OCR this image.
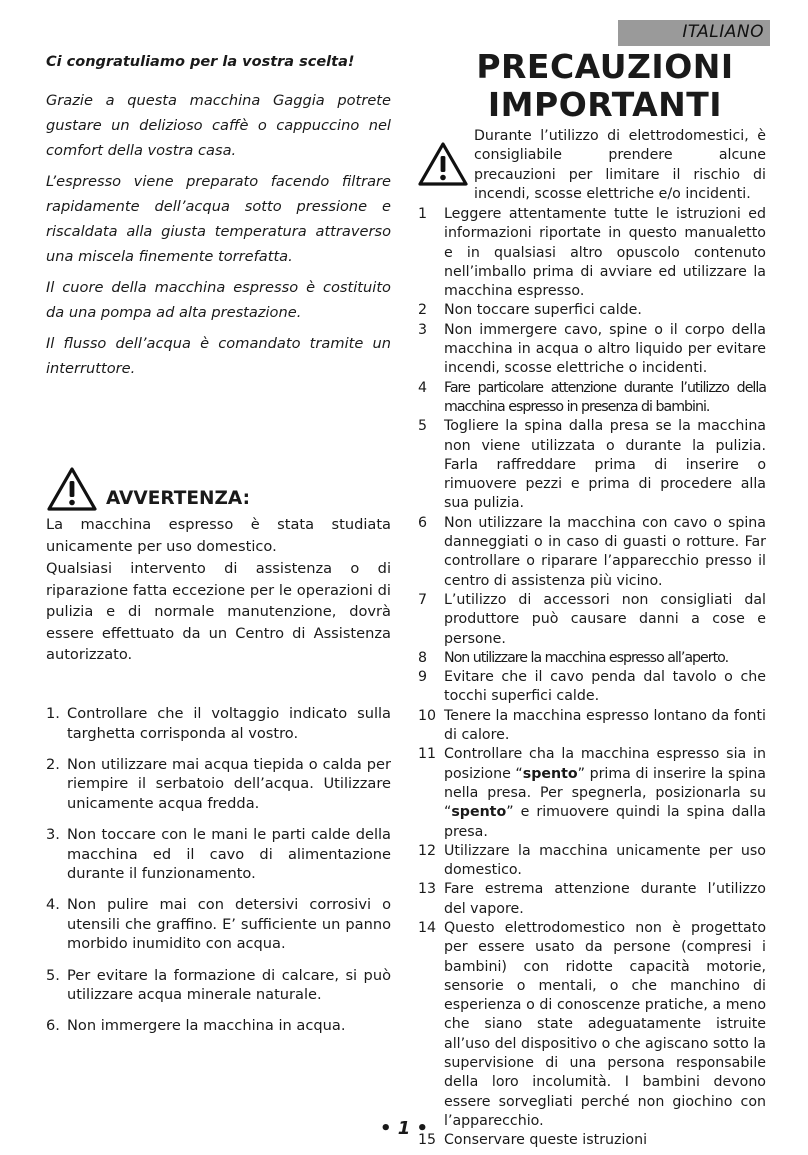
ITALIANO
Ci congratuliamo per la vostra scelta!

Grazie a questa macchina Gaggia potrete gustare un delizioso caffè o cappuccino nel comfort della vostra casa.

L’espresso viene preparato facendo filtrare rapidamente dell’acqua sotto pressione e riscaldata alla giusta temperatura attraverso una miscela finemente torrefatta.

Il cuore della macchina espresso è costituito da una pompa ad alta prestazione.

Il flusso dell’acqua è comandato tramite un interruttore.

AVVERTENZA:

La macchina espresso è stata studiata unicamente per uso domestico.

Qualsiasi intervento di assistenza o di riparazione fatta eccezione per le operazioni di pulizia e di normale manutenzione, dovrà essere effettuato da un Centro di Assistenza autorizzato.

1. Controllare che il voltaggio indicato sulla targhetta corrisponda al vostro.
2. Non utilizzare mai acqua tiepida o calda per riempire il serbatoio dell’acqua. Utilizzare unicamente acqua fredda.
3. Non toccare con le mani le parti calde della macchina ed il cavo di alimentazione durante il funzionamento.
4. Non pulire mai con detersivi corrosivi o utensili che graffino. E’ sufficiente un panno morbido inumidito con acqua.
5. Per evitare la formazione di calcare, si può utilizzare acqua minerale naturale.
6. Non immergere la macchina in acqua.
PRECAUZIONI
IMPORTANTI
Durante l’utilizzo di elettrodomestici, è consigliabile prendere alcune precauzioni per limitare il rischio di incendi, scosse elettriche e/o incidenti.
1 Leggere attentamente tutte le istruzioni ed informazioni riportate in questo manualetto e in qualsiasi altro opuscolo contenuto nell’imballo prima di avviare ed utilizzare la macchina espresso.
2 Non toccare superfici calde.
3 Non immergere cavo, spine o il corpo della macchina in acqua o altro liquido per evitare incendi, scosse elettriche o incidenti.
4 Fare particolare attenzione durante l’utilizzo della macchina espresso in presenza di bambini.
5 Togliere la spina dalla presa se la macchina non viene utilizzata o durante la pulizia. Farla raffreddare prima di inserire o rimuovere pezzi e prima di procedere alla sua pulizia.
6 Non utilizzare la macchina con cavo o spina danneggiati o in caso di guasti o rotture. Far controllare o riparare l’apparecchio presso il centro di assistenza più vicino.
7 L’utilizzo di accessori non consigliati dal produttore può causare danni a cose e persone.
8 Non utilizzare la macchina espresso all’aperto.
9 Evitare che il cavo penda dal tavolo o che tocchi superfici calde.
10 Tenere la macchina espresso lontano da fonti di calore.
11 Controllare cha la macchina espresso sia in posizione “spento” prima di inserire la spina nella presa. Per spegnerla, posizionarla su “spento” e rimuovere quindi la spina dalla presa.
12 Utilizzare la macchina unicamente per uso domestico.
13 Fare estrema attenzione durante l’utilizzo del vapore.
14 Questo elettrodomestico non è progettato per essere usato da persone (compresi i bambini) con ridotte capacità motorie, sensorie o mentali, o che manchino di esperienza o di conoscenze pratiche, a meno che siano state adeguatamente istruite all’uso del dispositivo o che agiscano sotto la supervisione di una persona responsabile della loro incolumità. I bambini devono essere sorvegliati perché non giochino con l’apparecchio.
15 Conservare queste istruzioni
• 1 •
